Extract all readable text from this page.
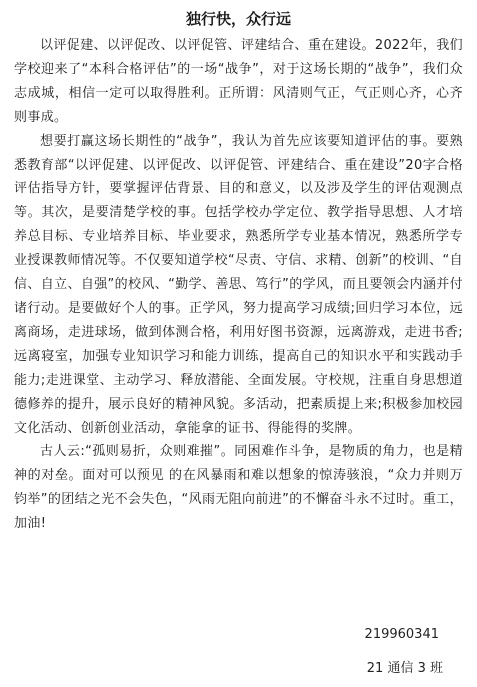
独行快，众行远

以评促建、以评促改、以评促管、评建结合、重在建设。2022年，我们学校迎来了“本科合格评估”的一场“战争”，对于这场长期的“战争”，我们众志成城，相信一定可以取得胜利。正所谓：风清则气正，气正则心齐，心齐则事成。

想要打赢这场长期性的“战争”，我认为首先应该要知道评估的事。要熟悉教育部“以评促建、以评促改、以评促管、评建结合、重在建设”20字合格评估指导方针，要掌握评估背景、目的和意义，以及涉及学生的评估观测点等。其次，是要清楚学校的事。包括学校办学定位、教学指导思想、人才培养总目标、专业培养目标、毕业要求，熟悉所学专业基本情况，熟悉所学专业授课教师情况等。不仅要知道学校“尽责、守信、求精、创新”的校训、“自信、自立、自强”的校风、“勤学、善思、笃行”的学风，而且要领会内涵并付诸行动。是要做好个人的事。正学风，努力提高学习成绩;回归学习本位，远离商场，走进球场，做到体测合格，利用好图书资源，远离游戏，走进书香;远离寝室，加强专业知识学习和能力训练，提高自己的知识水平和实践动手能力;走进课堂、主动学习、释放潜能、全面发展。守校规，注重自身思想道德修养的提升，展示良好的精神风貌。多活动，把素质提上来;积极参加校园文化活动、创新创业活动，拿能拿的证书、得能得的奖牌。

古人云:“孤则易折，众则难摧”。同困难作斗争，是物质的角力，也是精神的对垒。面对可以预见 的在风暴雨和难以想象的惊涛骇浪，“众力并则万钧举”的团结之光不会失色，“风雨无阻向前进”的不懈奋斗永不过时。重工，加油!

219960341
21 通信 3 班
